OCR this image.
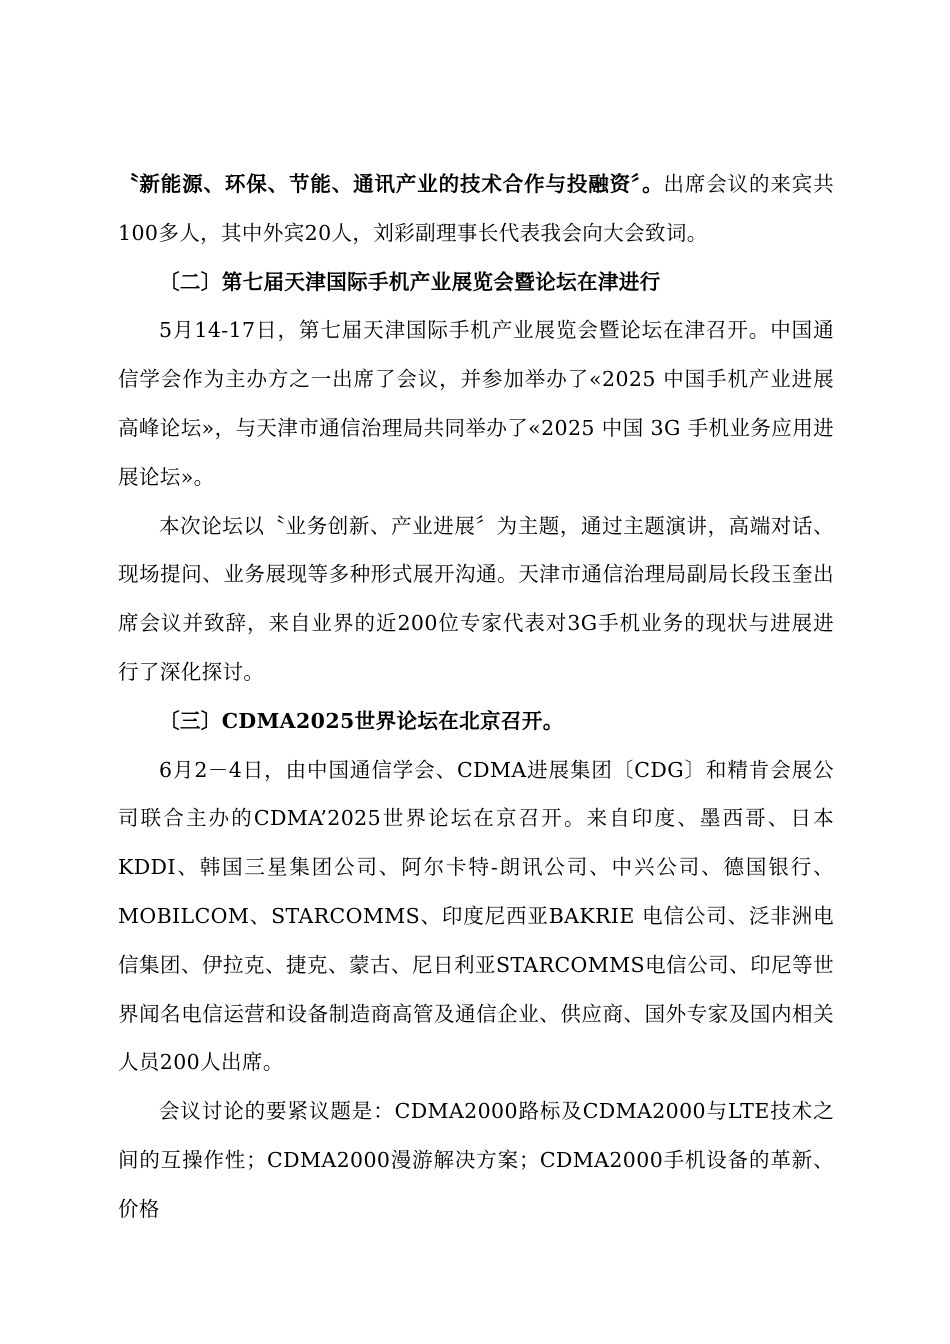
〝新能源、环保、节能、通讯产业的技术合作与投融资〞。出席会议的来宾共100多人，其中外宾20人，刘彩副理事长代表我会向大会致词。

〔二〕第七届天津国际手机产业展览会暨论坛在津进行

5月14-17日，第七届天津国际手机产业展览会暨论坛在津召开。中国通信学会作为主办方之一出席了会议，并参加举办了«2025 中国手机产业进展高峰论坛»，与天津市通信治理局共同举办了«2025 中国 3G 手机业务应用进展论坛»。

本次论坛以〝业务创新、产业进展〞为主题，通过主题演讲，高端对话、现场提问、业务展现等多种形式展开沟通。天津市通信治理局副局长段玉奎出席会议并致辞，来自业界的近200位专家代表对3G手机业务的现状与进展进行了深化探讨。

〔三〕CDMA2025世界论坛在北京召开。

6月2－4日，由中国通信学会、CDMA进展集团〔CDG〕和精肯会展公司联合主办的CDMA’2025世界论坛在京召开。来自印度、墨西哥、日本KDDI、韩国三星集团公司、阿尔卡特-朗讯公司、中兴公司、德国银行、MOBILCOM、STARCOMMS、印度尼西亚BAKRIE 电信公司、泛非洲电信集团、伊拉克、捷克、蒙古、尼日利亚STARCOMMS电信公司、印尼等世界闻名电信运营和设备制造商高管及通信企业、供应商、国外专家及国内相关人员200人出席。

会议讨论的要紧议题是：CDMA2000路标及CDMA2000与LTE技术之间的互操作性；CDMA2000漫游解决方案；CDMA2000手机设备的革新、价格
